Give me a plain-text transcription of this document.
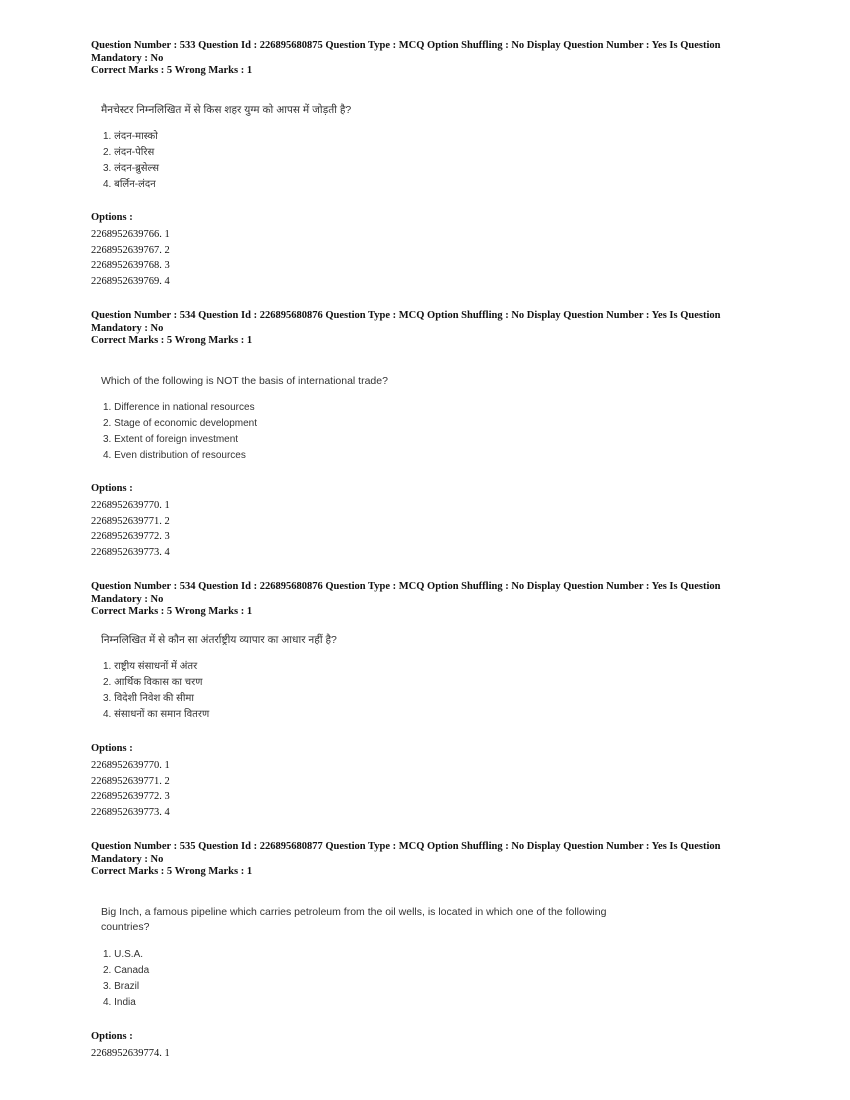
Question Number : 533 Question Id : 226895680875 Question Type : MCQ Option Shuffling : No Display Question Number : Yes Is Question

Mandatory : No

Correct Marks : 5 Wrong Marks : 1

मैनचेस्टर निम्नलिखित में से किस शहर युग्म को आपस में जोड़ती है?
1. लंदन-मास्को
2. लंदन-पेरिस
3. लंदन-ब्रुसेल्स
4. बर्लिन-लंदन
Options :
2268952639766. 1
2268952639767. 2
2268952639768. 3
2268952639769. 4

Question Number : 534 Question Id : 226895680876 Question Type : MCQ Option Shuffling : No Display Question Number : Yes Is Question

Mandatory : No

Correct Marks : 5 Wrong Marks : 1

Which of the following is NOT the basis of international trade?
1. Difference in national resources
2. Stage of economic development
3. Extent of foreign investment
4. Even distribution of resources
Options :
2268952639770. 1
2268952639771. 2
2268952639772. 3
2268952639773. 4

Question Number : 534 Question Id : 226895680876 Question Type : MCQ Option Shuffling : No Display Question Number : Yes Is Question

Mandatory : No

Correct Marks : 5 Wrong Marks : 1

निम्नलिखित में से कौन सा अंतर्राष्ट्रीय व्यापार का आधार नहीं है?
1. राष्ट्रीय संसाधनों में अंतर
2. आर्थिक विकास का चरण
3. विदेशी निवेश की सीमा
4. संसाधनों का समान वितरण
Options :
2268952639770. 1
2268952639771. 2
2268952639772. 3
2268952639773. 4

Question Number : 535 Question Id : 226895680877 Question Type : MCQ Option Shuffling : No Display Question Number : Yes Is Question

Mandatory : No

Correct Marks : 5 Wrong Marks : 1

Big Inch, a famous pipeline which carries petroleum from the oil wells, is located in which one of the following
countries?
1. U.S.A.
2. Canada
3. Brazil
4. India
Options :
2268952639774. 1
